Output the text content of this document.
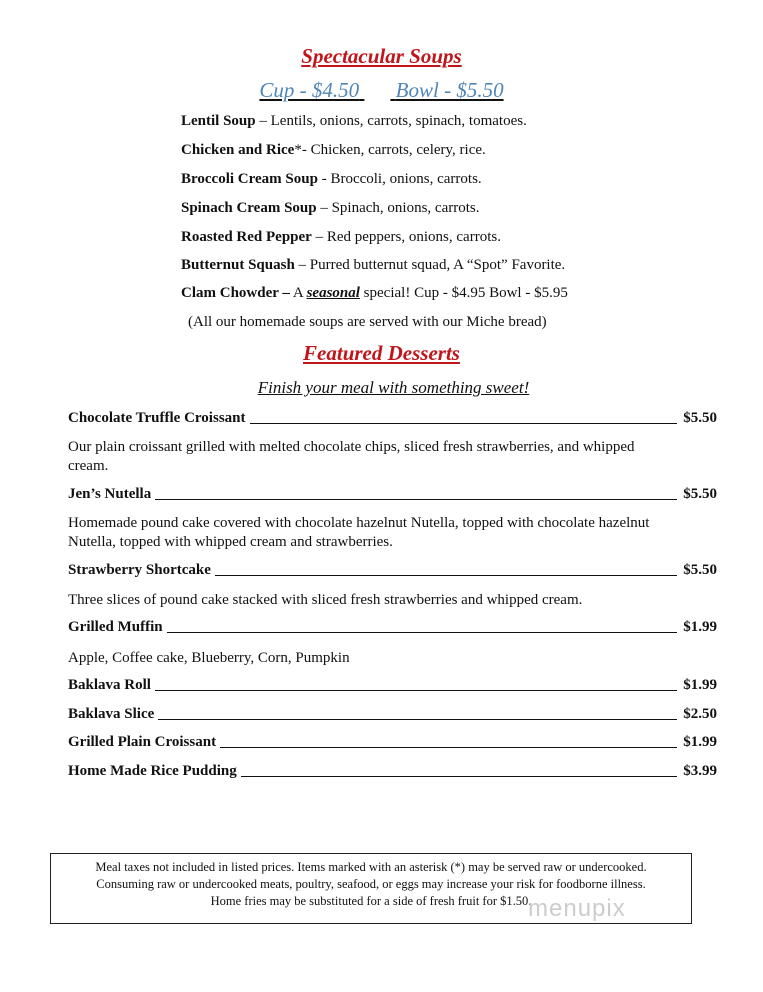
Spectacular Soups
Cup - $4.50 Bowl - $5.50
Lentil Soup – Lentils, onions, carrots, spinach, tomatoes.
Chicken and Rice*- Chicken, carrots, celery, rice.
Broccoli Cream Soup - Broccoli, onions, carrots.
Spinach Cream Soup – Spinach, onions, carrots.
Roasted Red Pepper – Red peppers, onions, carrots.
Butternut Squash – Purred butternut squad, A “Spot” Favorite.
Clam Chowder – A seasonal special! Cup - $4.95 Bowl - $5.95
(All our homemade soups are served with our Miche bread)
Featured Desserts
Finish your meal with something sweet!
Chocolate Truffle Croissant	$5.50
Our plain croissant grilled with melted chocolate chips, sliced fresh strawberries, and whipped cream.
Jen’s Nutella	$5.50
Homemade pound cake covered with chocolate hazelnut Nutella, topped with chocolate hazelnut Nutella, topped with whipped cream and strawberries.
Strawberry Shortcake	$5.50
Three slices of pound cake stacked with sliced fresh strawberries and whipped cream.
Grilled Muffin	$1.99
Apple, Coffee cake, Blueberry, Corn, Pumpkin
Baklava Roll	$1.99
Baklava Slice	$2.50
Grilled Plain Croissant	$1.99
Home Made Rice Pudding	$3.99
Meal taxes not included in listed prices. Items marked with an asterisk (*) may be served raw or undercooked.
Consuming raw or undercooked meats, poultry, seafood, or eggs may increase your risk for foodborne illness.
Home fries may be substituted for a side of fresh fruit for $1.50.
menupix
